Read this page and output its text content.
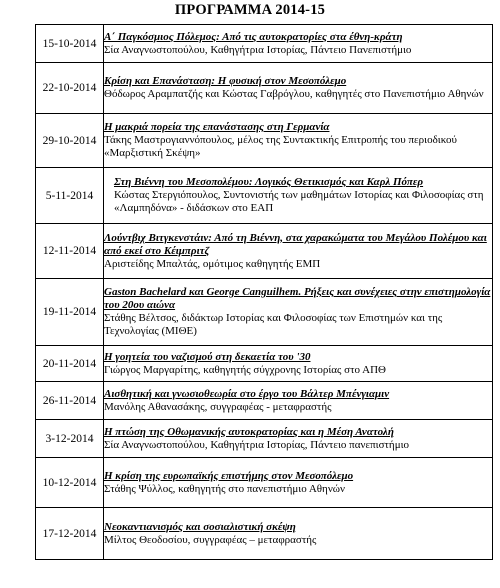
ΠΡΟΓΡΑΜΜΑ 2014-15
15-10-2014	Α΄ Παγκόσμιος Πόλεμος: Από τις αυτοκρατορίες στα έθνη-κράτη
Σία Αναγνωστοπούλου, Καθηγήτρια Ιστορίας, Πάντειο Πανεπιστήμιο

22-10-2014	Κρίση και Επανάσταση: Η φυσική στον Μεσοπόλεμο
Θόδωρος Αραμπατζής και Κώστας Γαβρόγλου, καθηγητές στο Πανεπιστήμιο Αθηνών

29-10-2014	Η μακριά πορεία της επανάστασης στη Γερμανία
Τάκης Μαστρογιαννόπουλος, μέλος της Συντακτικής Επιτροπής του περιοδικού «Μαρξιστική Σκέψη»

5-11-2014	Στη Βιέννη του Μεσοπολέμου: Λογικός Θετικισμός και Καρλ Πόπερ
Κώστας Στεργιόπουλος, Συντονιστής των μαθημάτων Ιστορίας και Φιλοσοφίας στη «Λαμπηδόνα» - διδάσκων στο ΕΑΠ

12-11-2014	Λούντβιχ Βιτγκενστάιν: Από τη Βιέννη, στα χαρακώματα του Μεγάλου Πολέμου και από εκεί στο Κέιμπριτζ
Αριστείδης Μπαλτάς, ομότιμος καθηγητής ΕΜΠ

19-11-2014	Gaston Bachelard και George Canguilhem. Ρήξεις και συνέχειες στην επιστημολογία του 20ου αιώνα
Στάθης Βέλτσος, διδάκτωρ Ιστορίας και Φιλοσοφίας των Επιστημών και της Τεχνολογίας (ΜΙΘΕ)

20-11-2014	Η γοητεία του ναζισμού στη δεκαετία του '30
Γιώργος Μαργαρίτης, καθηγητής σύγχρονης Ιστορίας στο ΑΠΘ

26-11-2014	Αισθητική και γνωσιοθεωρία στο έργο του Βάλτερ Μπένγιαμιν
Μανόλης Αθανασάκης, συγγραφέας - μεταφραστής

3-12-2014	Η πτώση της Οθωμανικής αυτοκρατορίας και η Μέση Ανατολή
Σία Αναγνωστοπούλου, Καθηγήτρια Ιστορίας, Πάντειο πανεπιστήμιο

10-12-2014	Η κρίση της ευρωπαϊκής επιστήμης στον Μεσοπόλεμο
Στάθης Ψύλλος, καθηγητής στο πανεπιστήμιο Αθηνών

17-12-2014	Νεοκαντιανισμός και σοσιαλιστική σκέψη
Μίλτος Θεοδοσίου, συγγραφέας – μεταφραστής
